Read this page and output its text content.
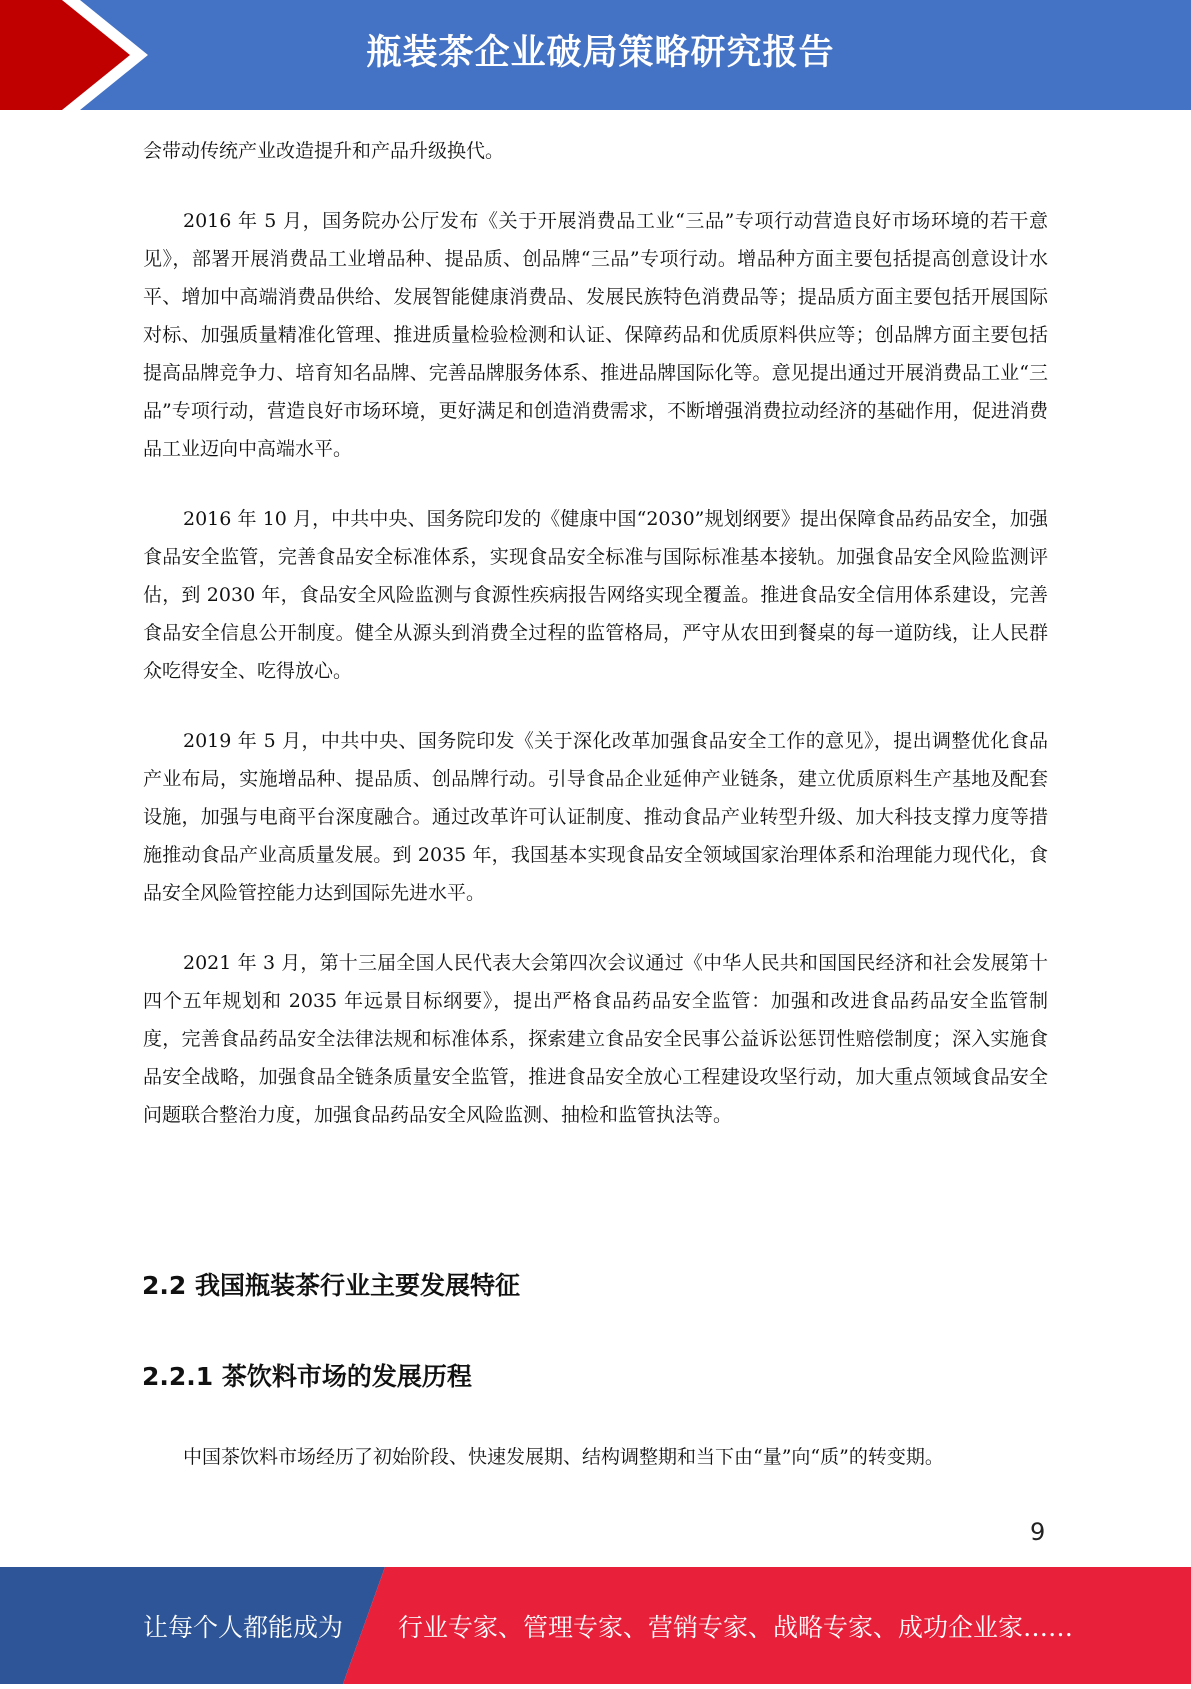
瓶装茶企业破局策略研究报告

会带动传统产业改造提升和产品升级换代。

2016 年 5 月，国务院办公厅发布《关于开展消费品工业“三品”专项行动营造良好市场环境的若干意见》，部署开展消费品工业增品种、提品质、创品牌“三品”专项行动。增品种方面主要包括提高创意设计水平、增加中高端消费品供给、发展智能健康消费品、发展民族特色消费品等；提品质方面主要包括开展国际对标、加强质量精准化管理、推进质量检验检测和认证、保障药品和优质原料供应等；创品牌方面主要包括提高品牌竞争力、培育知名品牌、完善品牌服务体系、推进品牌国际化等。意见提出通过开展消费品工业“三品”专项行动，营造良好市场环境，更好满足和创造消费需求，不断增强消费拉动经济的基础作用，促进消费品工业迈向中高端水平。

2016 年 10 月，中共中央、国务院印发的《健康中国“2030”规划纲要》提出保障食品药品安全，加强食品安全监管，完善食品安全标准体系，实现食品安全标准与国际标准基本接轨。加强食品安全风险监测评估，到 2030 年，食品安全风险监测与食源性疾病报告网络实现全覆盖。推进食品安全信用体系建设，完善食品安全信息公开制度。健全从源头到消费全过程的监管格局，严守从农田到餐桌的每一道防线，让人民群众吃得安全、吃得放心。

2019 年 5 月，中共中央、国务院印发《关于深化改革加强食品安全工作的意见》，提出调整优化食品产业布局，实施增品种、提品质、创品牌行动。引导食品企业延伸产业链条，建立优质原料生产基地及配套设施，加强与电商平台深度融合。通过改革许可认证制度、推动食品产业转型升级、加大科技支撑力度等措施推动食品产业高质量发展。到 2035 年，我国基本实现食品安全领域国家治理体系和治理能力现代化，食品安全风险管控能力达到国际先进水平。

2021 年 3 月，第十三届全国人民代表大会第四次会议通过《中华人民共和国国民经济和社会发展第十四个五年规划和 2035 年远景目标纲要》，提出严格食品药品安全监管：加强和改进食品药品安全监管制度，完善食品药品安全法律法规和标准体系，探索建立食品安全民事公益诉讼惩罚性赔偿制度；深入实施食品安全战略，加强食品全链条质量安全监管，推进食品安全放心工程建设攻坚行动，加大重点领域食品安全问题联合整治力度，加强食品药品安全风险监测、抽检和监管执法等。

2.2 我国瓶装茶行业主要发展特征
2.2.1 茶饮料市场的发展历程

中国茶饮料市场经历了初始阶段、快速发展期、结构调整期和当下由“量”向“质”的转变期。

9
让每个人都能成为 行业专家、管理专家、营销专家、战略专家、成功企业家……
